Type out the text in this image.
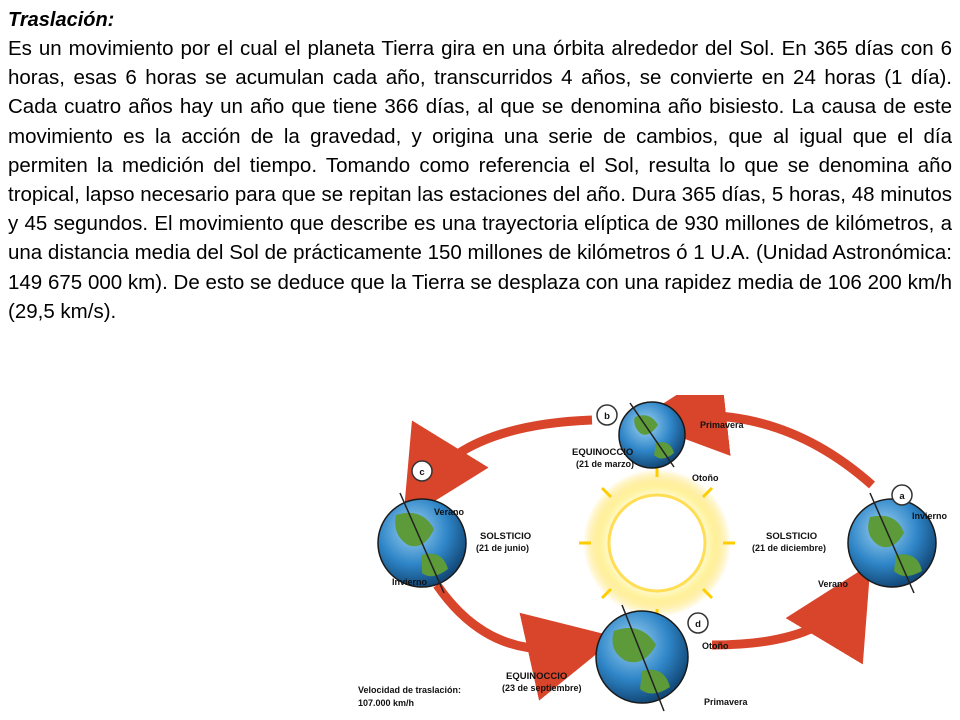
Traslación:

Es un movimiento por el cual el planeta Tierra gira en una órbita alrededor del Sol. En 365 días con 6 horas, esas 6 horas se acumulan cada año, transcurridos 4 años, se convierte en 24 horas (1 día). Cada cuatro años hay un año que tiene 366 días, al que se denomina año bisiesto. La causa de este movimiento es la acción de la gravedad, y origina una serie de cambios, que al igual que el día permiten la medición del tiempo. Tomando como referencia el Sol, resulta lo que se denomina año tropical, lapso necesario para que se repitan las estaciones del año. Dura 365 días, 5 horas, 48 minutos y 45 segundos. El movimiento que describe es una trayectoria elíptica de 930 millones de kilómetros, a una distancia media del Sol de prácticamente 150 millones de kilómetros ó 1 U.A. (Unidad Astronómica: 149 675 000 km). De esto se deduce que la Tierra se desplaza con una rapidez media de 106 200 km/h (29,5 km/s).

b
c
a
d
Primavera
EQUINOCCIO
(21 de marzo)
Otoño
Verano
SOLSTICIO
(21 de junio)
Invierno
Invierno
SOLSTICIO
(21 de diciembre)
Verano
Otoño
EQUINOCCIO
(23 de septiembre)
Primavera
Velocidad de traslación:
107.000 km/h
